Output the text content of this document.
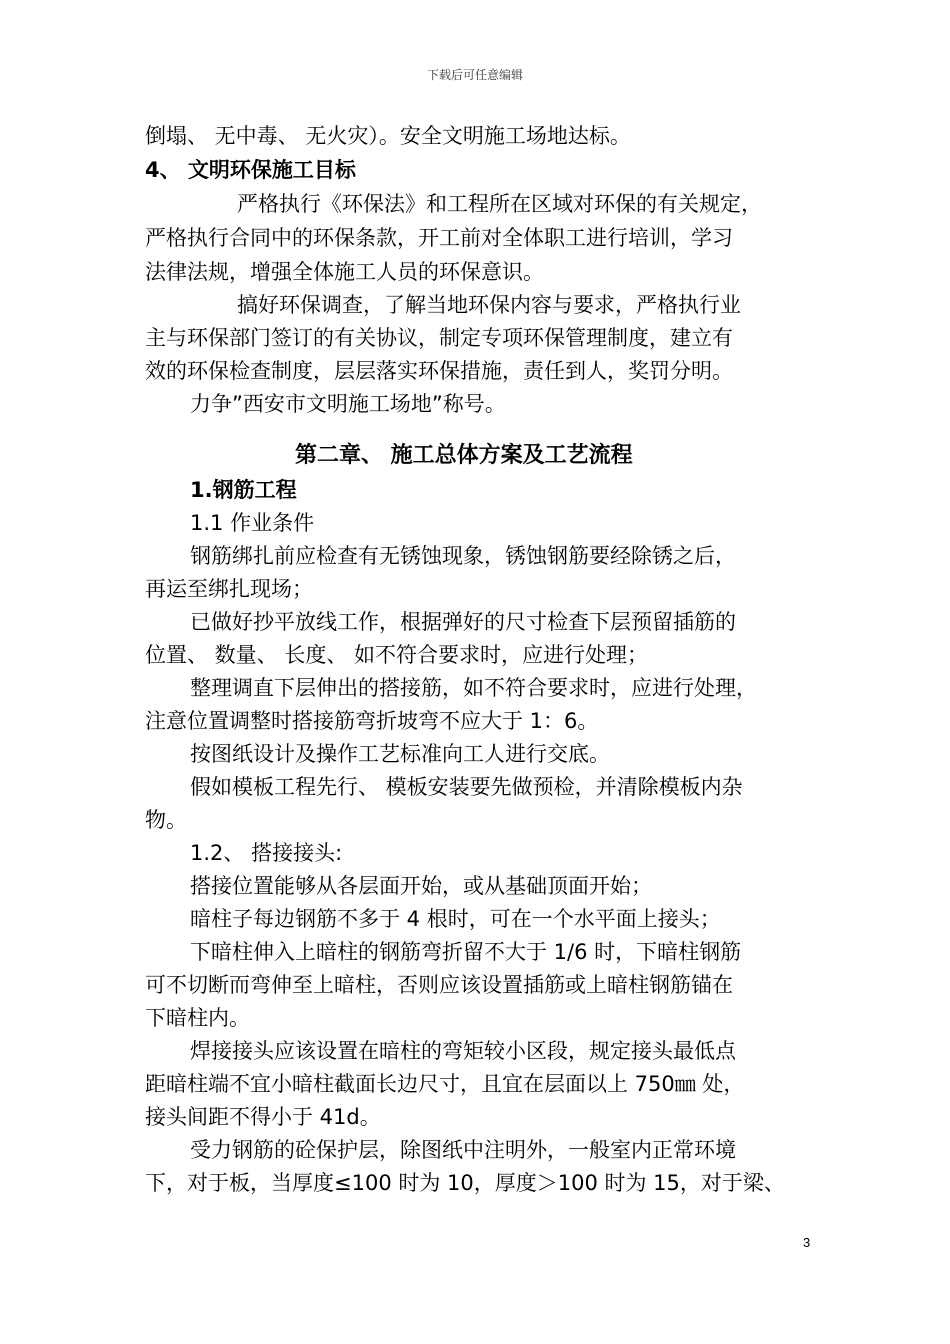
下载后可任意编辑
倒塌、 无中毒、 无火灾）。安全文明施工场地达标。
4、 文明环保施工目标
严格执行《环保法》和工程所在区域对环保的有关规定，
严格执行合同中的环保条款，开工前对全体职工进行培训，学习
法律法规，增强全体施工人员的环保意识。
搞好环保调查，了解当地环保内容与要求，严格执行业
主与环保部门签订的有关协议，制定专项环保管理制度，建立有
效的环保检查制度，层层落实环保措施，责任到人，奖罚分明。
力争”西安市文明施工场地”称号。
第二章、 施工总体方案及工艺流程
1.钢筋工程
1.1 作业条件
钢筋绑扎前应检查有无锈蚀现象，锈蚀钢筋要经除锈之后，
再运至绑扎现场；
已做好抄平放线工作，根据弹好的尺寸检查下层预留插筋的
位置、 数量、 长度、 如不符合要求时，应进行处理；
整理调直下层伸出的搭接筋，如不符合要求时，应进行处理，
注意位置调整时搭接筋弯折坡弯不应大于 1：6。
按图纸设计及操作工艺标准向工人进行交底。
假如模板工程先行、 模板安装要先做预检，并清除模板内杂
物。
1.2、 搭接接头:
搭接位置能够从各层面开始，或从基础顶面开始；
暗柱子每边钢筋不多于 4 根时，可在一个水平面上接头；
下暗柱伸入上暗柱的钢筋弯折留不大于 1/6 时，下暗柱钢筋
可不切断而弯伸至上暗柱，否则应该设置插筋或上暗柱钢筋锚在
下暗柱内。
焊接接头应该设置在暗柱的弯矩较小区段，规定接头最低点
距暗柱端不宜小暗柱截面长边尺寸，且宜在层面以上 750㎜ 处，
接头间距不得小于 41d。
受力钢筋的砼保护层，除图纸中注明外，一般室内正常环境
下，对于板，当厚度≤100 时为 10，厚度＞100 时为 15，对于梁、
3
